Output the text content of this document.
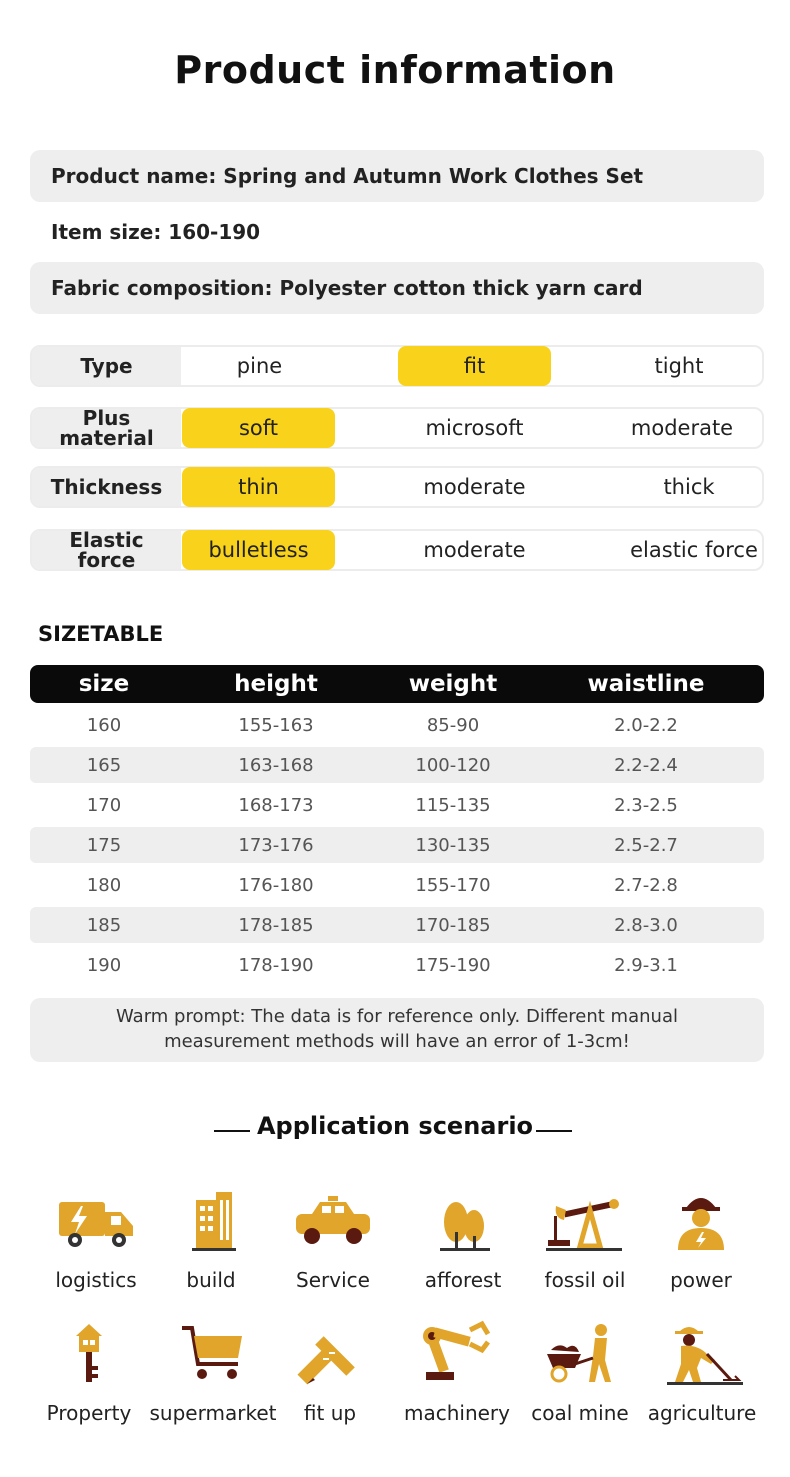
Product information
Product name: Spring and Autumn Work Clothes Set
Item size: 160-190
Fabric composition: Polyester cotton thick yarn card
Type	pine	fit	tight
Plus material	soft	microsoft	moderate
Thickness	thin	moderate	thick
Elastic force	bulletless	moderate	elastic force
SIZETABLE
size	height	weight	waistline
160	155-163	85-90	2.0-2.2
165	163-168	100-120	2.2-2.4
170	168-173	115-135	2.3-2.5
175	173-176	130-135	2.5-2.7
180	176-180	155-170	2.7-2.8
185	178-185	170-185	2.8-3.0
190	178-190	175-190	2.9-3.1
Warm prompt: The data is for reference only. Different manual
measurement methods will have an error of 1-3cm!
Application scenario
logistics	build	Service	afforest	fossil oil	power
Property supermarket	fit up	machinery	coal mine agriculture
